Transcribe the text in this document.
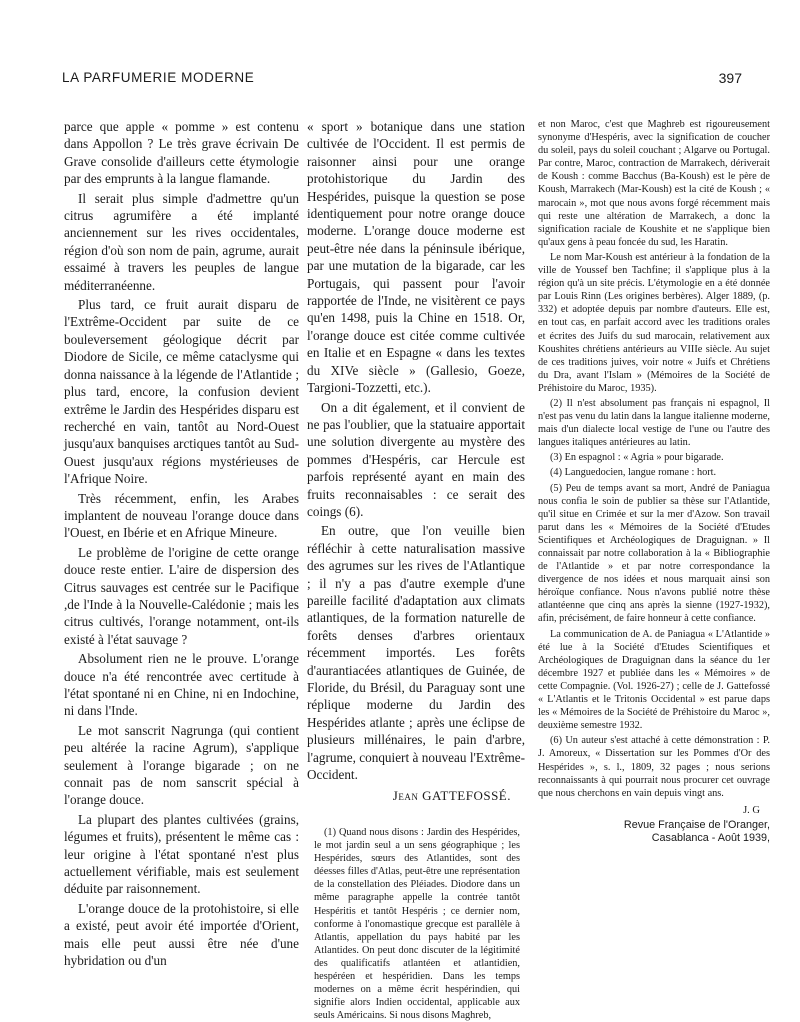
LA PARFUMERIE MODERNE	397

parce que apple « pomme » est contenu dans Appollon ? Le très grave écrivain De Grave consolide d'ailleurs cette étymologie par des emprunts à la langue flamande.

Il serait plus simple d'admettre qu'un citrus agrumifère a été implanté anciennement sur les rives occidentales, région d'où son nom de pain, agrume, aurait essaimé à travers les peuples de langue méditerranéenne.

Plus tard, ce fruit aurait disparu de l'Extrême-Occident par suite de ce bouleversement géologique décrit par Diodore de Sicile, ce même cataclysme qui donna naissance à la légende de l'Atlantide ; plus tard, encore, la confusion devient extrême le Jardin des Hespérides disparu est recherché en vain, tantôt au Nord-Ouest jusqu'aux banquises arctiques tantôt au Sud-Ouest jusqu'aux régions mystérieuses de l'Afrique Noire.

Très récemment, enfin, les Arabes implantent de nouveau l'orange douce dans l'Ouest, en Ibérie et en Afrique Mineure.

Le problème de l'origine de cette orange douce reste entier. L'aire de dispersion des Citrus sauvages est centrée sur le Pacifique ,de l'Inde à la Nouvelle-Calédonie ; mais les citrus cultivés, l'orange notamment, ont-ils existé à l'état sauvage ?

Absolument rien ne le prouve. L'orange douce n'a été rencontrée avec certitude à l'état spontané ni en Chine, ni en Indochine, ni dans l'Inde.

Le mot sanscrit Nagrunga (qui contient peu altérée la racine Agrum), s'applique seulement à l'orange bigarade ; on ne connait pas de nom sanscrit spécial à l'orange douce.

La plupart des plantes cultivées (grains, légumes et fruits), présentent le même cas : leur origine à l'état spontané n'est plus actuellement vérifiable, mais est seulement déduite par raisonnement.

L'orange douce de la protohistoire, si elle a existé, peut avoir été importée d'Orient, mais elle peut aussi être née d'une hybridation ou d'un

« sport » botanique dans une station cultivée de l'Occident. Il est permis de raisonner ainsi pour une orange protohistorique du Jardin des Hespérides, puisque la question se pose identiquement pour notre orange douce moderne. L'orange douce moderne est peut-être née dans la péninsule ibérique, par une mutation de la bigarade, car les Portugais, qui passent pour l'avoir rapportée de l'Inde, ne visitèrent ce pays qu'en 1498, puis la Chine en 1518. Or, l'orange douce est citée comme cultivée en Italie et en Espagne « dans les textes du XIVe siècle » (Gallesio, Goeze, Targioni-Tozzetti, etc.).

On a dit également, et il convient de ne pas l'oublier, que la statuaire apportait une solution divergente au mystère des pommes d'Hespéris, car Hercule est parfois représenté ayant en main des fruits reconnaisables : ce serait des coings (6).

En outre, que l'on veuille bien réfléchir à cette naturalisation massive des agrumes sur les rives de l'Atlantique ; il n'y a pas d'autre exemple d'une pareille facilité d'adaptation aux climats atlantiques, de la formation naturelle de forêts denses d'arbres orientaux récemment importés. Les forêts d'aurantiacées atlantiques de Guinée, de Floride, du Brésil, du Paraguay sont une réplique moderne du Jardin des Hespérides atlante ; après une éclipse de plusieurs millénaires, le pain d'arbre, l'agrume, conquiert à nouveau l'Extrême-Occident.

Jean GATTEFOSSÉ.

(1) Quand nous disons : Jardin des Hespérides, le mot jardin seul a un sens géographique ; les Hespérides, sœurs des Atlantides, sont des déesses filles d'Atlas, peut-être une représentation de la constellation des Pléiades. Diodore dans un même paragraphe appelle la contrée tantôt Hespéritis et tantôt Hespéris ; ce dernier nom, conforme à l'onomastique grecque est parallèle à Atlantis, appellation du pays habité par les Atlantides. On peut donc discuter de la légitimité des qualificatifs atlantéen et atlantidien, hespéréen et hespéridien. Dans les temps modernes on a même écrit hespérindien, qui signifie alors Indien occidental, applicable aux seuls Américains. Si nous disons Maghreb,

et non Maroc, c'est que Maghreb est rigoureusement synonyme d'Hespéris, avec la signification de coucher du soleil, pays du soleil couchant ; Algarve ou Portugal. Par contre, Maroc, contraction de Marrakech, dériverait de Koush : comme Bacchus (Ba-Koush) est le père de Koush, Marrakech (Mar-Koush) est la cité de Koush ; « marocain », mot que nous avons forgé récemment mais qui reste une altération de Marrakech, a donc la signification raciale de Koushite et ne s'applique bien qu'aux gens à peau foncée du sud, les Haratin.

Le nom Mar-Koush est antérieur à la fondation de la ville de Youssef ben Tachfine; il s'applique plus à la région qu'à un site précis. L'étymologie en a été donnée par Louis Rinn (Les origines berbères). Alger 1889, (p. 332) et adoptée depuis par nombre d'auteurs. Elle est, en tout cas, en parfait accord avec les traditions orales et écrites des Juifs du sud marocain, relativement aux Koushites chrétiens antérieurs au VIIIe siècle. Au sujet de ces traditions juives, voir notre « Juifs et Chrétiens du Dra, avant l'Islam » (Mémoires de la Société de Préhistoire du Maroc, 1935).

(2) Il n'est absolument pas français ni espagnol, Il n'est pas venu du latin dans la langue italienne moderne, mais d'un dialecte local vestige de l'une ou l'autre des langues italiques antérieures au latin.

(3) En espagnol : « Agria » pour bigarade.

(4) Languedocien, langue romane : hort.

(5) Peu de temps avant sa mort, André de Paniagua nous confia le soin de publier sa thèse sur l'Atlantide, qu'il situe en Crimée et sur la mer d'Azow. Son travail parut dans les « Mémoires de la Société d'Etudes Scientifiques et Archéologiques de Draguignan. » Il connaissait par notre collaboration à la « Bibliographie de l'Atlantide » et par notre correspondance la divergence de nos idées et nous marquait ainsi son héroïque confiance. Nous n'avons publié notre thèse atlantéenne que cinq ans après la sienne (1927-1932), afin, précisément, de faire honneur à cette confiance.

La communication de A. de Paniagua « L'Atlantide » été lue à la Société d'Etudes Scientifiques et Archéologiques de Draguignan dans la séance du 1er décembre 1927 et publiée dans les « Mémoires » de cette Compagnie. (Vol. 1926-27) ; celle de J. Gattefossé « L'Atlantis et le Tritonis Occidental » est parue daps les « Mémoires de la Société de Préhistoire du Maroc », deuxième semestre 1932.

(6) Un auteur s'est attaché à cette démonstration : P. J. Amoreux, « Dissertation sur les Pommes d'Or des Hespérides », s. l., 1809, 32 pages ; nous serions reconnaissants à qui pourrait nous procurer cet ouvrage que nous cherchons en vain depuis vingt ans.

J. G
Revue Française de l'Oranger,
Casablanca - Août 1939,
